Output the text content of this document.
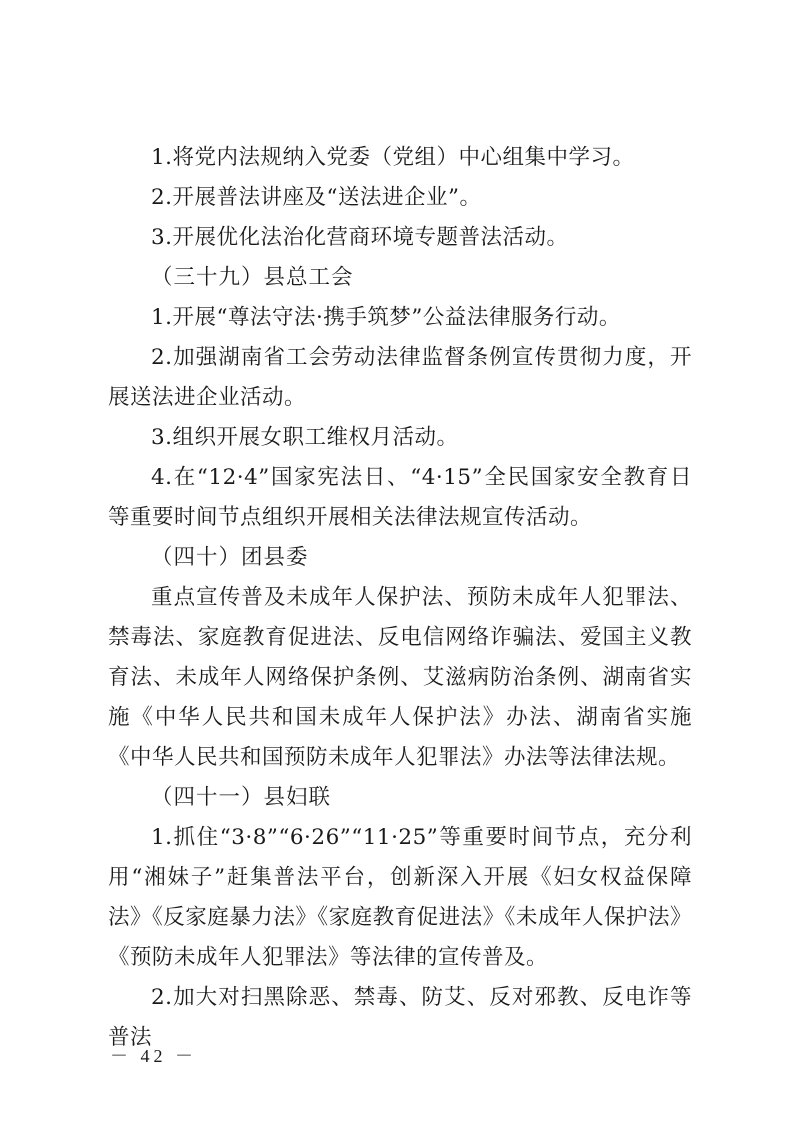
1.将党内法规纳入党委（党组）中心组集中学习。

2.开展普法讲座及“送法进企业”。

3.开展优化法治化营商环境专题普法活动。

（三十九）县总工会

1.开展“尊法守法·携手筑梦”公益法律服务行动。

2.加强湖南省工会劳动法律监督条例宣传贯彻力度，开展送法进企业活动。

3.组织开展女职工维权月活动。

4.在“12·4”国家宪法日、“4·15”全民国家安全教育日等重要时间节点组织开展相关法律法规宣传活动。

（四十）团县委

重点宣传普及未成年人保护法、预防未成年人犯罪法、禁毒法、家庭教育促进法、反电信网络诈骗法、爱国主义教育法、未成年人网络保护条例、艾滋病防治条例、湖南省实施《中华人民共和国未成年人保护法》办法、湖南省实施《中华人民共和国预防未成年人犯罪法》办法等法律法规。

（四十一）县妇联

1.抓住“3·8”“6·26”“11·25”等重要时间节点，充分利用“湘妹子”赶集普法平台，创新深入开展《妇女权益保障法》《反家庭暴力法》《家庭教育促进法》《未成年人保护法》《预防未成年人犯罪法》等法律的宣传普及。

2.加大对扫黑除恶、禁毒、防艾、反对邪教、反电诈等普法

－ 42 －
